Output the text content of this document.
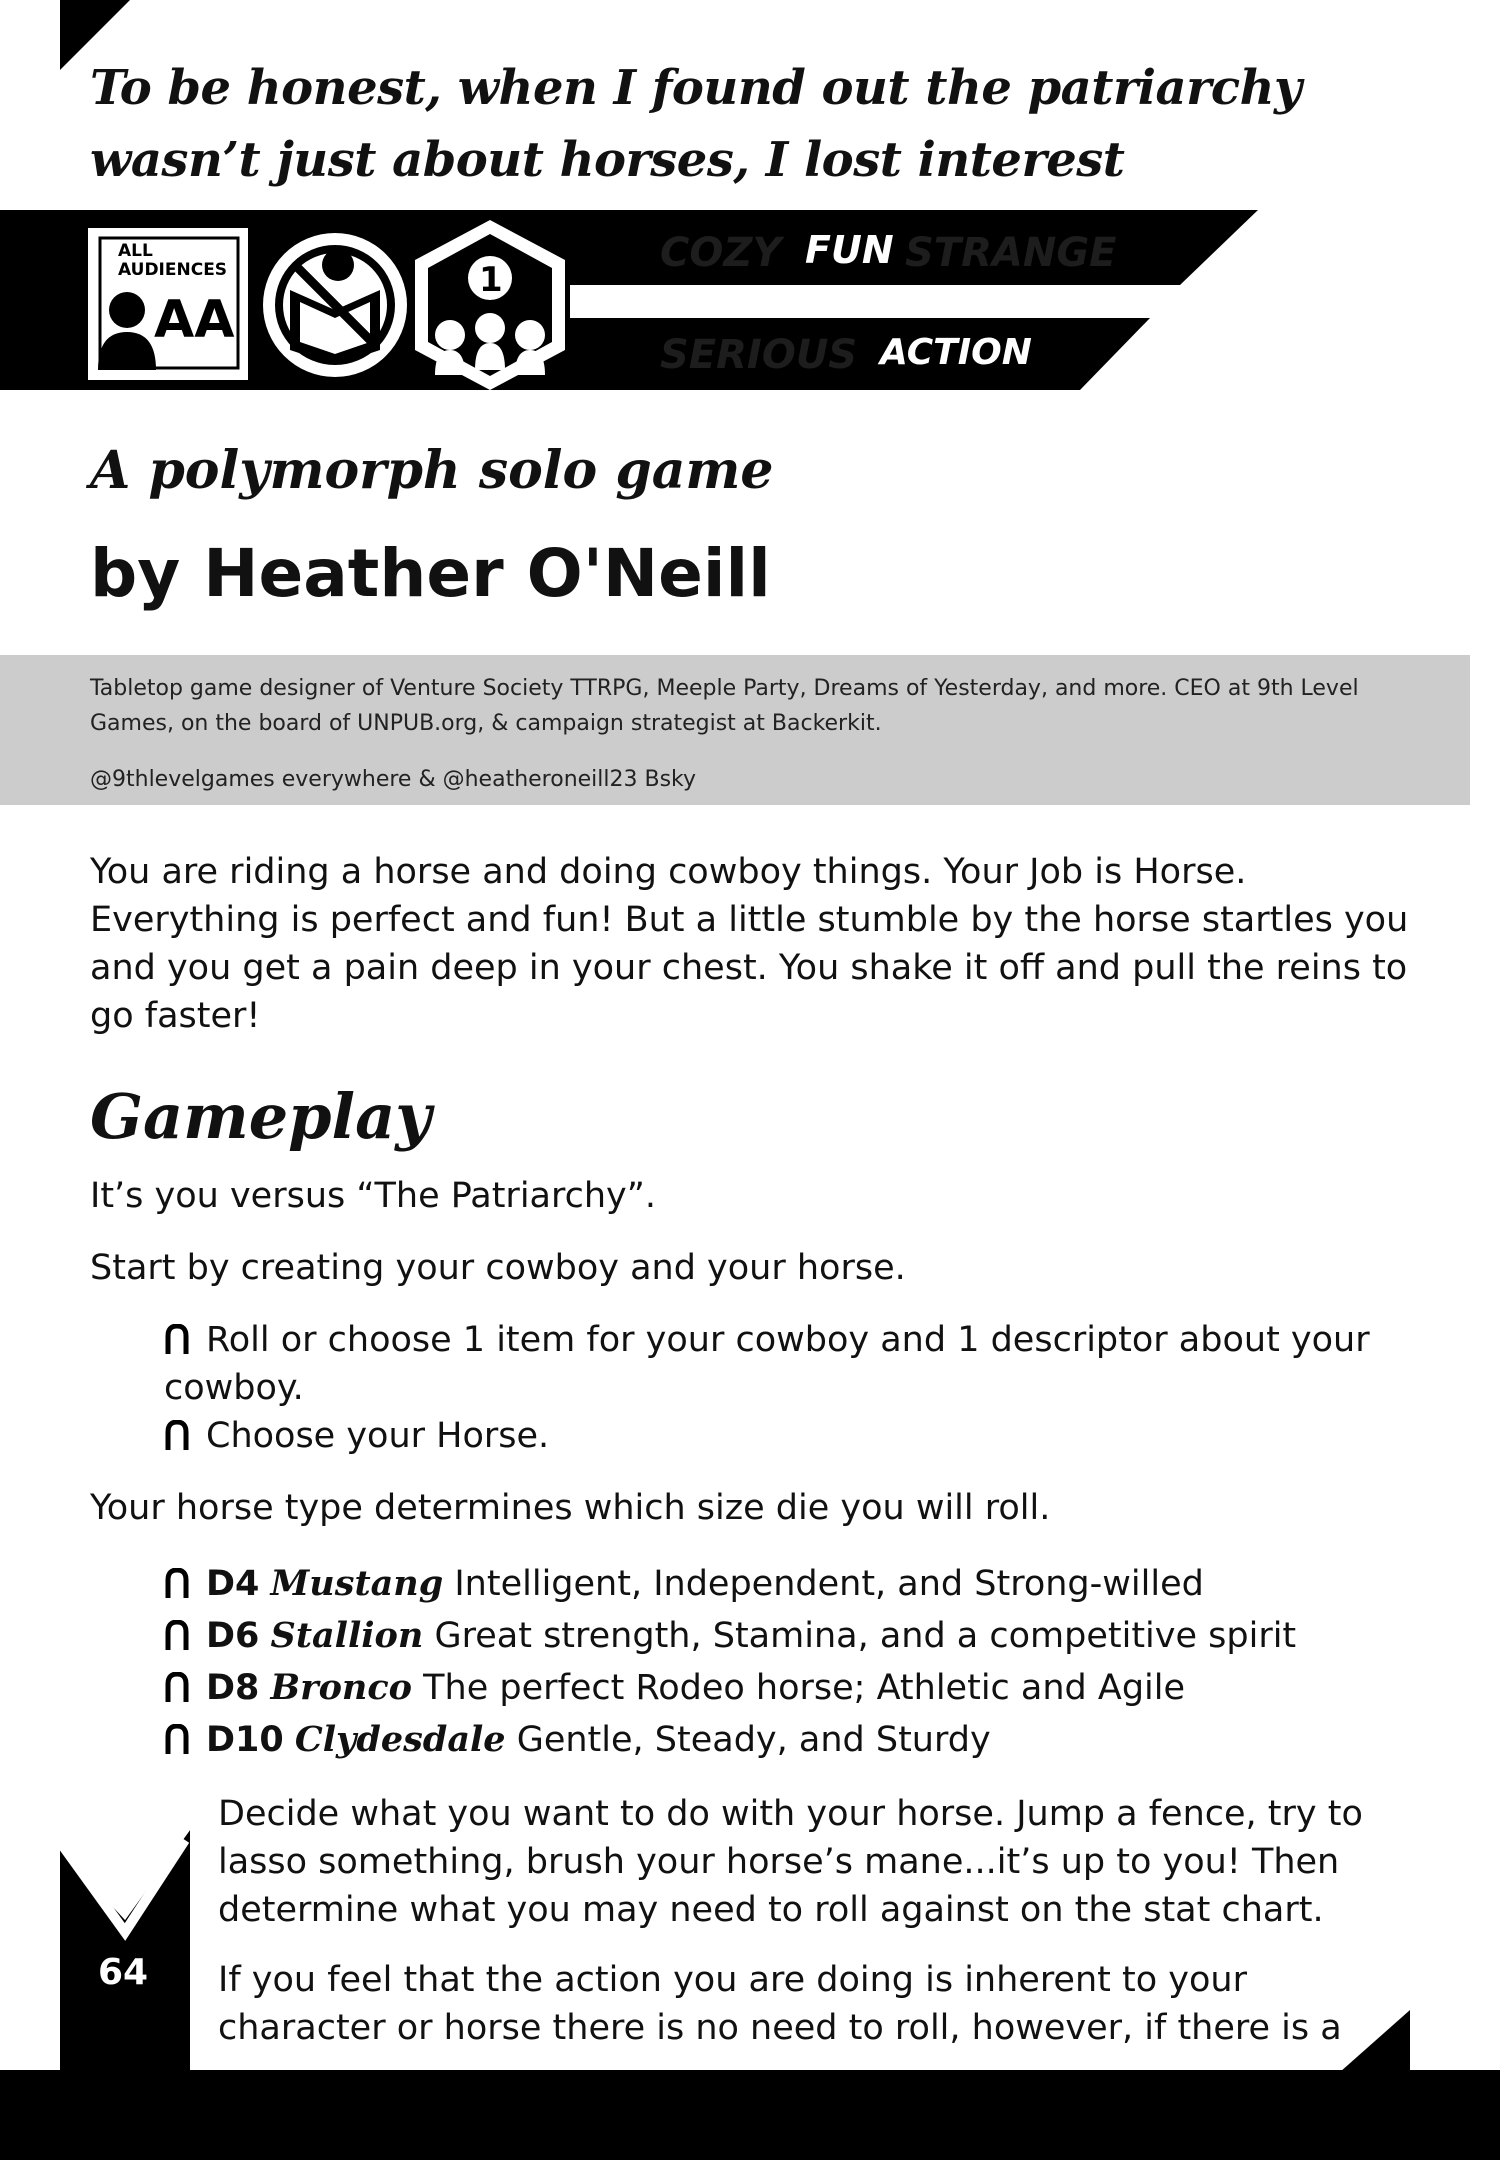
To be honest, when I found out the patriarchy wasn’t just about horses, I lost interest
ALL AUDIENCES
AA
1
COZY FUN STRANGE
SERIOUS ACTION
A polymorph solo game
by Heather O'Neill
Tabletop game designer of Venture Society TTRPG, Meeple Party, Dreams of Yesterday, and more. CEO at 9th Level Games, on the board of UNPUB.org, & campaign strategist at Backerkit.
@9thlevelgames everywhere & @heatheroneill23 Bsky
You are riding a horse and doing cowboy things. Your Job is Horse. Everything is perfect and fun! But a little stumble by the horse startles you and you get a pain deep in your chest. You shake it off and pull the reins to go faster!
Gameplay
It’s you versus “The Patriarchy”.
Start by creating your cowboy and your horse.
Roll or choose 1 item for your cowboy and 1 descriptor about your cowboy.
Choose your Horse.
Your horse type determines which size die you will roll.
D4 Mustang Intelligent, Independent, and Strong-willed
D6 Stallion Great strength, Stamina, and a competitive spirit
D8 Bronco The perfect Rodeo horse; Athletic and Agile
D10 Clydesdale Gentle, Steady, and Sturdy
64
Decide what you want to do with your horse. Jump a fence, try to lasso something, brush your horse’s mane...it’s up to you! Then determine what you may need to roll against on the stat chart.
If you feel that the action you are doing is inherent to your character or horse there is no need to roll, however, if there is a
